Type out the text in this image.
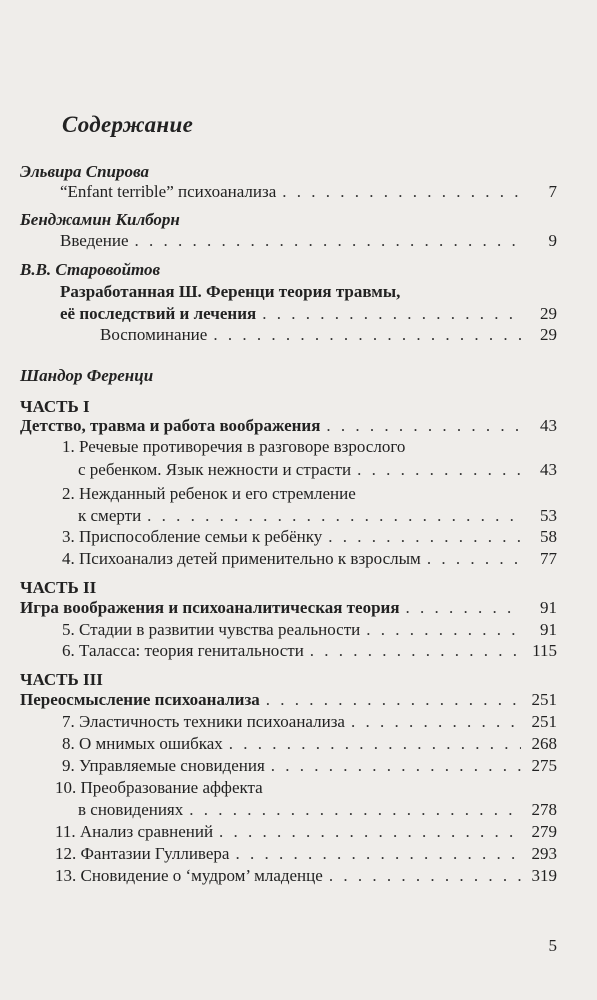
Содержание
Эльвира Спирова
“Enfant terrible” психоанализа . . .	7
Бенджамин Килборн
Введение . . .	9
В.В. Старовойтов
Разработанная Ш. Ференци теория травмы,
её последствий и лечения . . .	29
Воспоминание . . .	29
Шандор Ференци
ЧАСТЬ I
Детство, травма и работа воображения . . .	43
1. Речевые противоречия в разговоре взрослого
с ребенком. Язык нежности и страсти . . .	43
2. Нежданный ребенок и его стремление
к смерти . . .	53
3. Приспособление семьи к ребёнку . . .	58
4. Психоанализ детей применительно к взрослым . . .	77
ЧАСТЬ II
Игра воображения и психоаналитическая теория . . .	91
5. Стадии в развитии чувства реальности . . .	91
6. Таласса: теория генитальности . . .	115
ЧАСТЬ III
Переосмысление психоанализа . . .	251
7. Эластичность техники психоанализа . . .	251
8. О мнимых ошибках . . .	268
9. Управляемые сновидения . . .	275
10. Преобразование аффекта
в сновидениях . . .	278
11. Анализ сравнений . . .	279
12. Фантазии Гулливера . . .	293
13. Сновидение о ‘мудром’ младенце . . .	319
5
